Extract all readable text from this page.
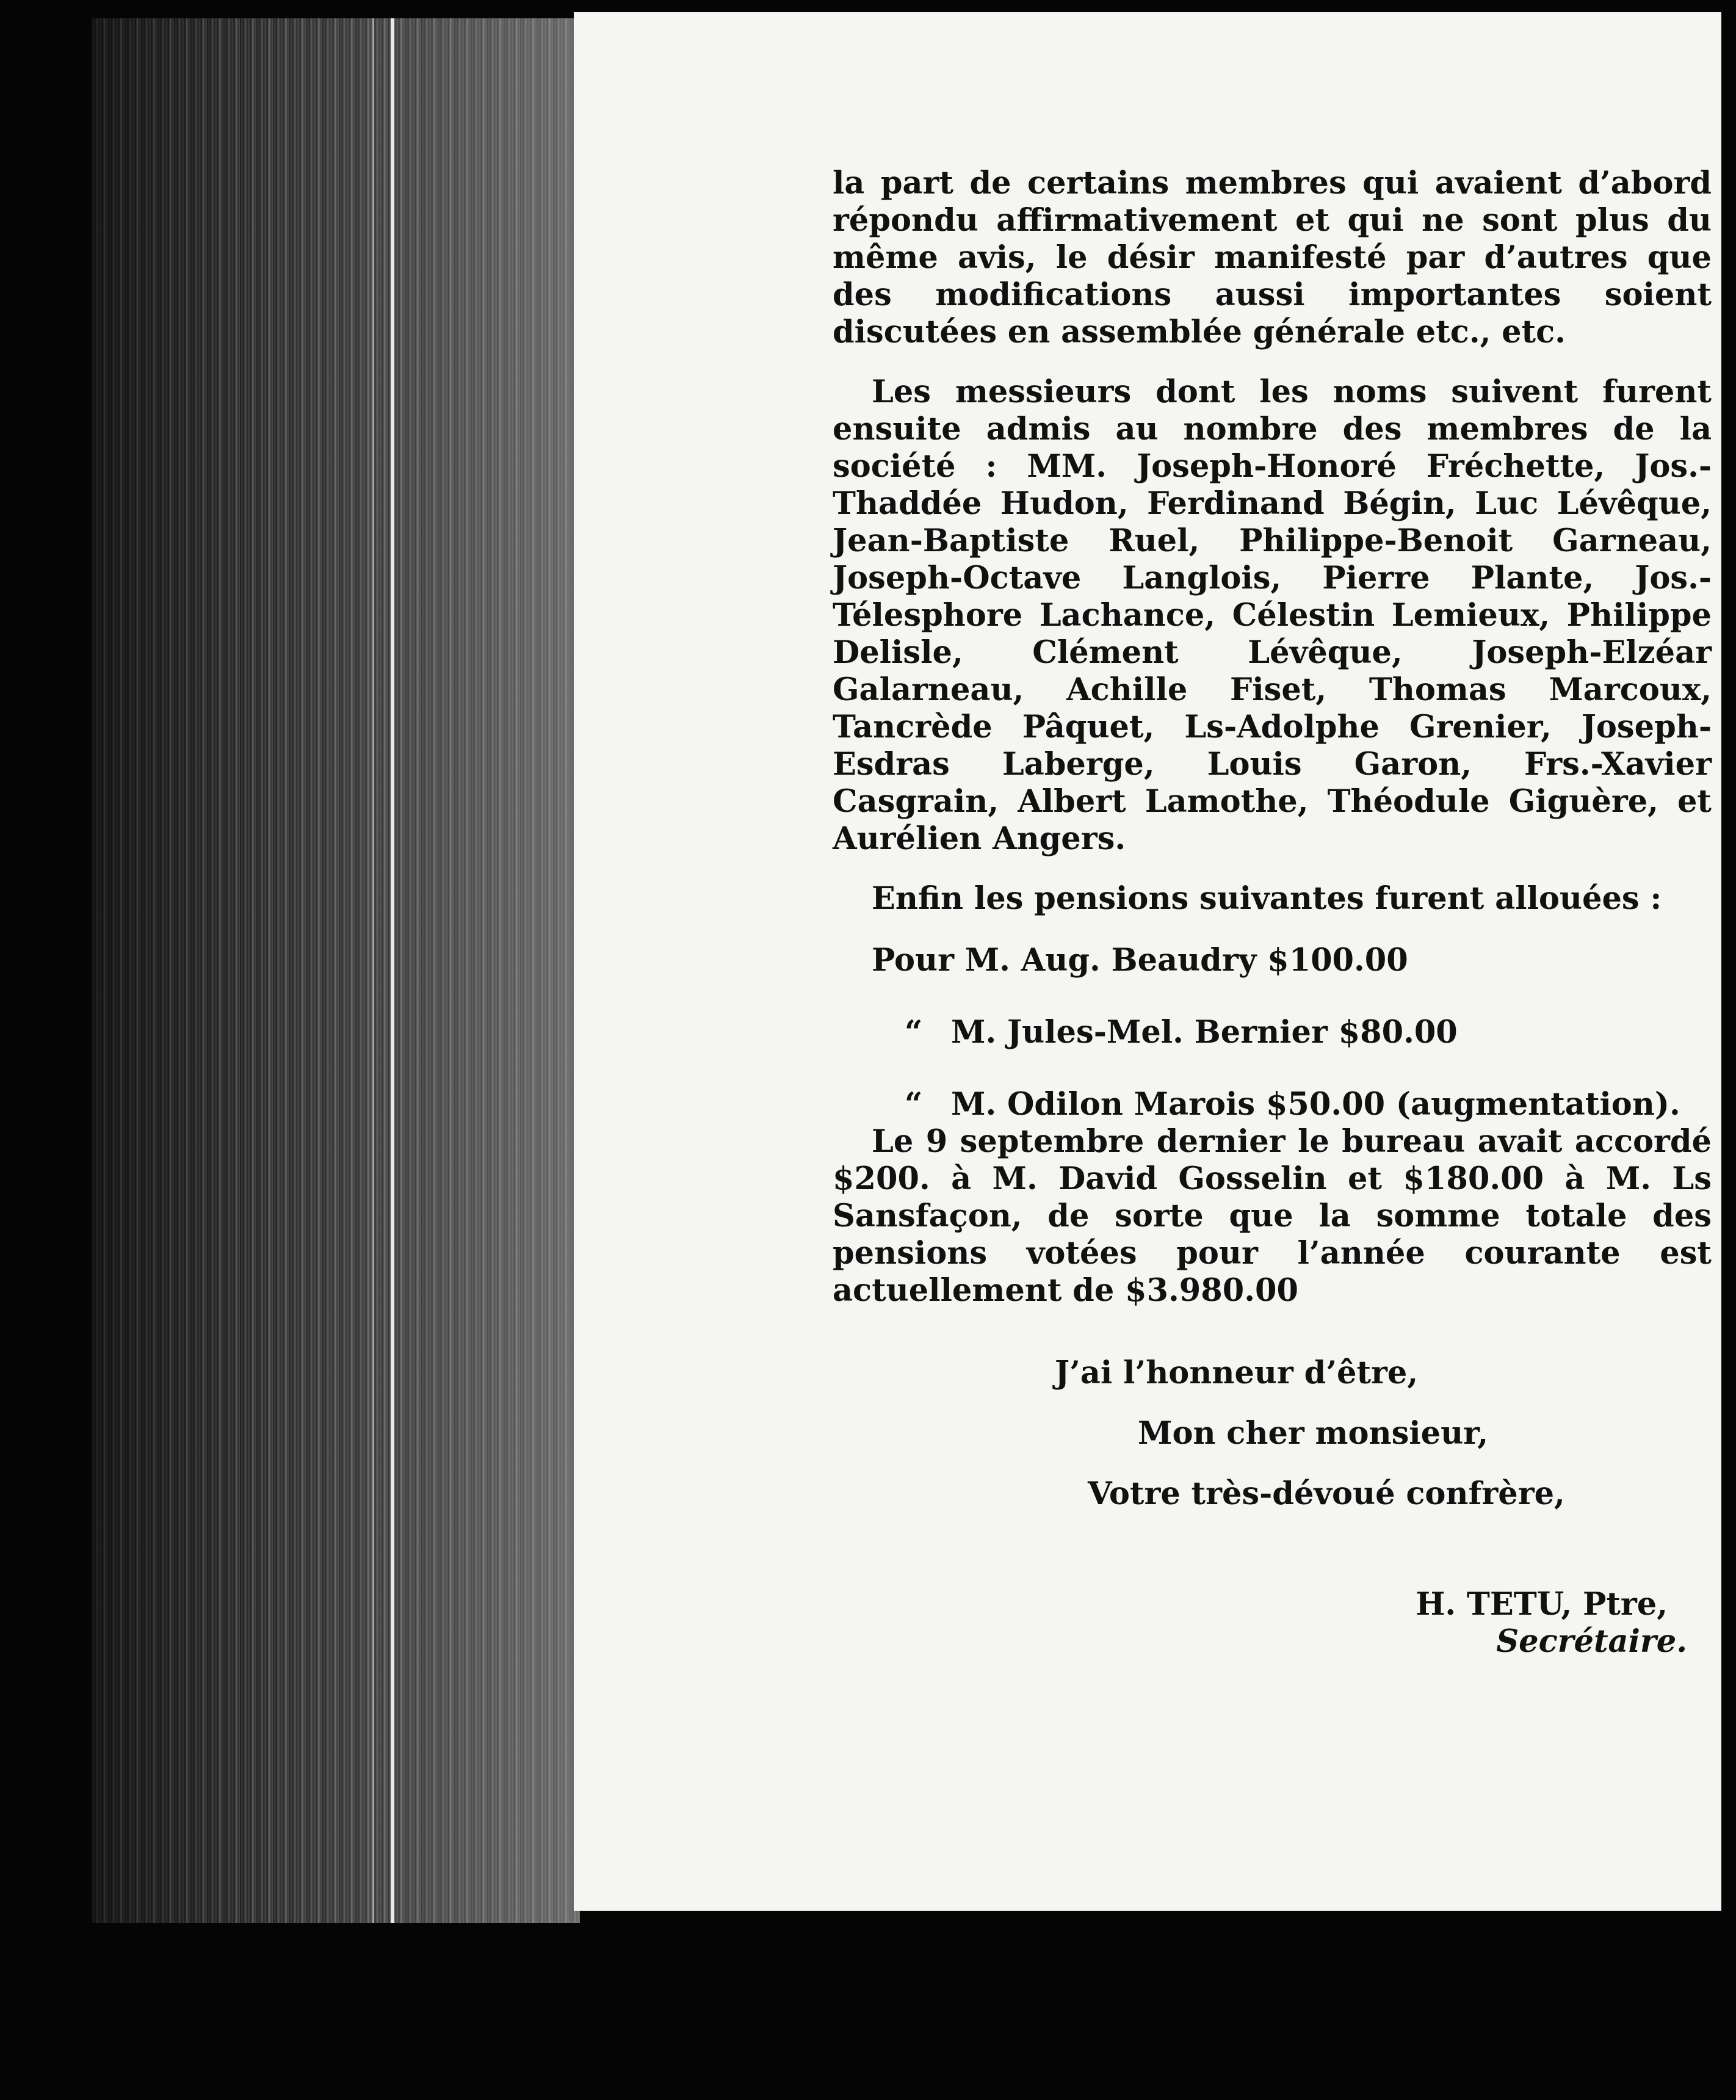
la part de certains membres qui avaient d’abord répondu affirmativement et qui ne sont plus du même avis, le désir manifesté par d’autres que des modifications aussi importantes soient discutées en assemblée générale etc., etc.

Les messieurs dont les noms suivent furent ensuite admis au nombre des membres de la société : MM. Joseph-Honoré Fréchette, Jos.-Thaddée Hudon, Ferdinand Bégin, Luc Lévêque, Jean-Baptiste Ruel, Philippe-Benoit Garneau, Joseph-Octave Langlois, Pierre Plante, Jos.-Télesphore Lachance, Célestin Lemieux, Philippe Delisle, Clément Lévêque, Joseph-Elzéar Galarneau, Achille Fiset, Thomas Marcoux, Tancrède Pâquet, Ls-Adolphe Grenier, Joseph-Esdras Laberge, Louis Garon, Frs.-Xavier Casgrain, Albert Lamothe, Théodule Giguère, et Aurélien Angers.

Enfin les pensions suivantes furent allouées :

Pour M. Aug. Beaudry $100.00

“ M. Jules-Mel. Bernier $80.00

“ M. Odilon Marois $50.00 (augmentation).

Le 9 septembre dernier le bureau avait accordé $200. à M. David Gosselin et $180.00 à M. Ls Sansfaçon, de sorte que la somme totale des pensions votées pour l’année courante est actuellement de $3.980.00

J’ai l’honneur d’être,

Mon cher monsieur,

Votre très-dévoué confrère,

H. TETU, Ptre,

Secrétaire.
